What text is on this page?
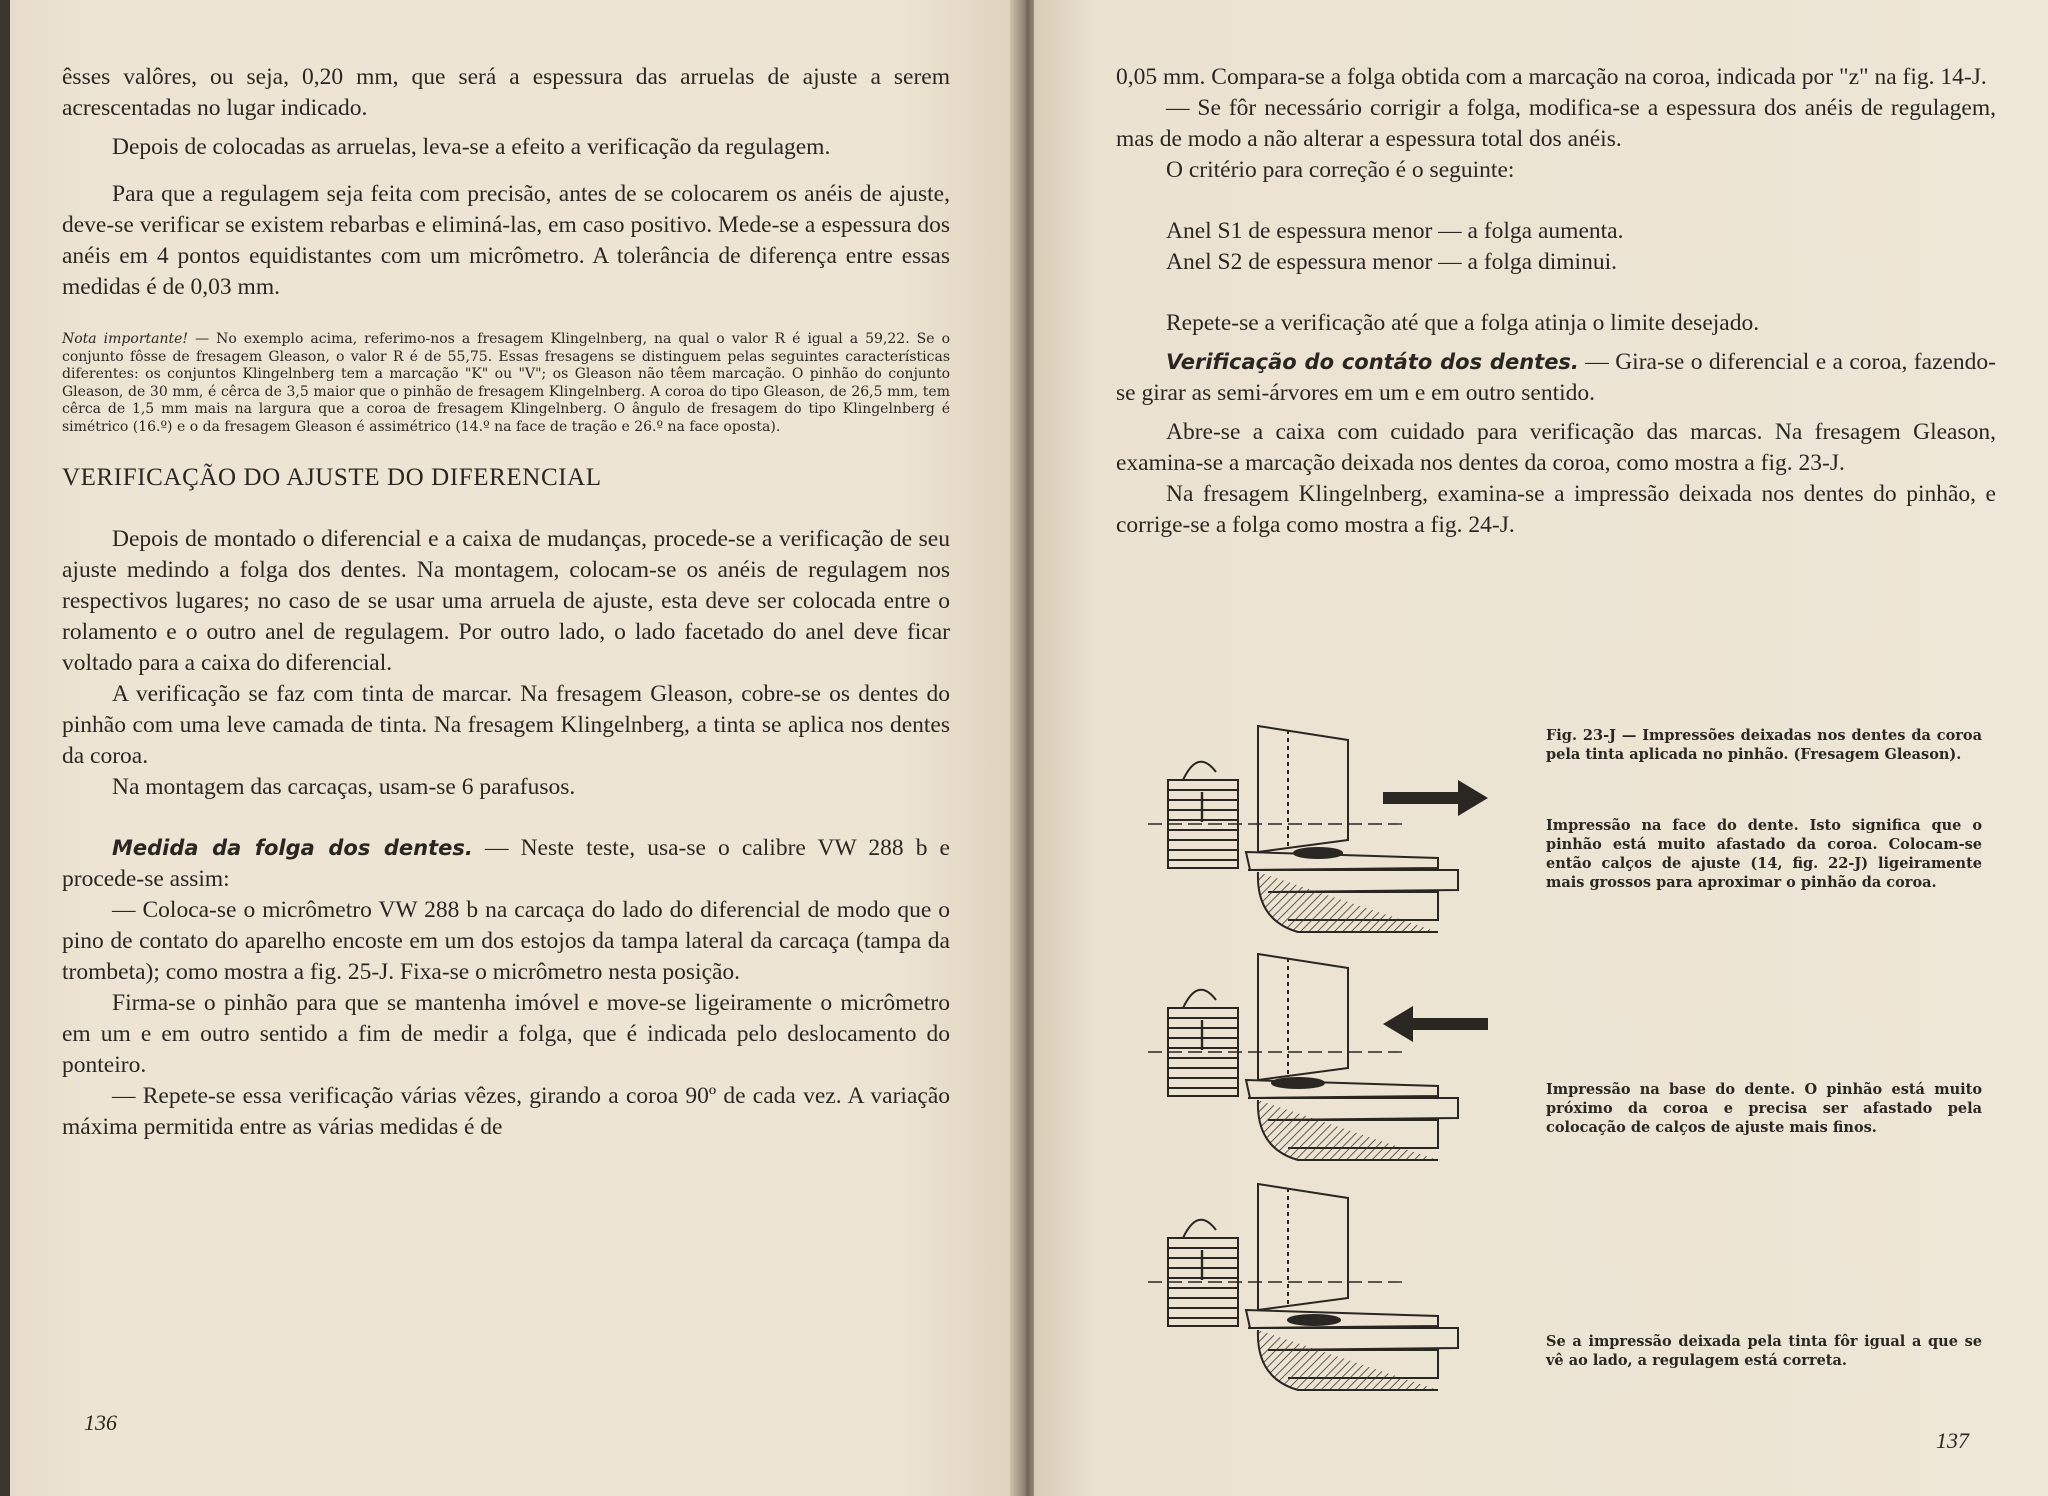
êsses valôres, ou seja, 0,20 mm, que será a espessura das arruelas de ajuste a serem acrescentadas no lugar indicado.

Depois de colocadas as arruelas, leva-se a efeito a verificação da regulagem.

Para que a regulagem seja feita com precisão, antes de se colocarem os anéis de ajuste, deve-se verificar se existem rebarbas e eliminá-las, em caso positivo. Mede-se a espessura dos anéis em 4 pontos equidistantes com um micrômetro. A tolerância de diferença entre essas medidas é de 0,03 mm.

Nota importante! — No exemplo acima, referimo-nos a fresagem Klingelnberg, na qual o valor R é igual a 59,22. Se o conjunto fôsse de fresagem Gleason, o valor R é de 55,75. Essas fresagens se distinguem pelas seguintes características diferentes: os conjuntos Klingelnberg tem a marcação "K" ou "V"; os Gleason não têem marcação. O pinhão do conjunto Gleason, de 30 mm, é cêrca de 3,5 maior que o pinhão de fresagem Klingelnberg. A coroa do tipo Gleason, de 26,5 mm, tem cêrca de 1,5 mm mais na largura que a coroa de fresagem Klingelnberg. O ângulo de fresagem do tipo Klingelnberg é simétrico (16.º) e o da fresagem Gleason é assimétrico (14.º na face de tração e 26.º na face oposta).
VERIFICAÇÃO DO AJUSTE DO DIFERENCIAL

Depois de montado o diferencial e a caixa de mudanças, procede-se a verificação de seu ajuste medindo a folga dos dentes. Na montagem, colocam-se os anéis de regulagem nos respectivos lugares; no caso de se usar uma arruela de ajuste, esta deve ser colocada entre o rolamento e o outro anel de regulagem. Por outro lado, o lado facetado do anel deve ficar voltado para a caixa do diferencial.

A verificação se faz com tinta de marcar. Na fresagem Gleason, cobre-se os dentes do pinhão com uma leve camada de tinta. Na fresagem Klingelnberg, a tinta se aplica nos dentes da coroa.

Na montagem das carcaças, usam-se 6 parafusos.

Medida da folga dos dentes. — Neste teste, usa-se o calibre VW 288 b e procede-se assim:

— Coloca-se o micrômetro VW 288 b na carcaça do lado do diferencial de modo que o pino de contato do aparelho encoste em um dos estojos da tampa lateral da carcaça (tampa da trombeta); como mostra a fig. 25-J. Fixa-se o micrômetro nesta posição.

Firma-se o pinhão para que se mantenha imóvel e move-se ligeiramente o micrômetro em um e em outro sentido a fim de medir a folga, que é indicada pelo deslocamento do ponteiro.

— Repete-se essa verificação várias vêzes, girando a coroa 90º de cada vez. A variação máxima permitida entre as várias medidas é de

136

0,05 mm. Compara-se a folga obtida com a marcação na coroa, indicada por "z" na fig. 14-J.

— Se fôr necessário corrigir a folga, modifica-se a espessura dos anéis de regulagem, mas de modo a não alterar a espessura total dos anéis.

O critério para correção é o seguinte:

Anel S1 de espessura menor — a folga aumenta.
Anel S2 de espessura menor — a folga diminui.

Repete-se a verificação até que a folga atinja o limite desejado.

Verificação do contáto dos dentes. — Gira-se o diferencial e a coroa, fazendo-se girar as semi-árvores em um e em outro sentido.

Abre-se a caixa com cuidado para verificação das marcas. Na fresagem Gleason, examina-se a marcação deixada nos dentes da coroa, como mostra a fig. 23-J.

Na fresagem Klingelnberg, examina-se a impressão deixada nos dentes do pinhão, e corrige-se a folga como mostra a fig. 24-J.

Fig. 23-J — Impressões deixadas nos dentes da coroa pela tinta aplicada no pinhão. (Fresagem Gleason).
Impressão na face do dente. Isto significa que o pinhão está muito afastado da coroa. Colocam-se então calços de ajuste (14, fig. 22-J) ligeiramente mais grossos para aproximar o pinhão da coroa.
Impressão na base do dente. O pinhão está muito próximo da coroa e precisa ser afastado pela colocação de calços de ajuste mais finos.
Se a impressão deixada pela tinta fôr igual a que se vê ao lado, a regulagem está correta.
137
